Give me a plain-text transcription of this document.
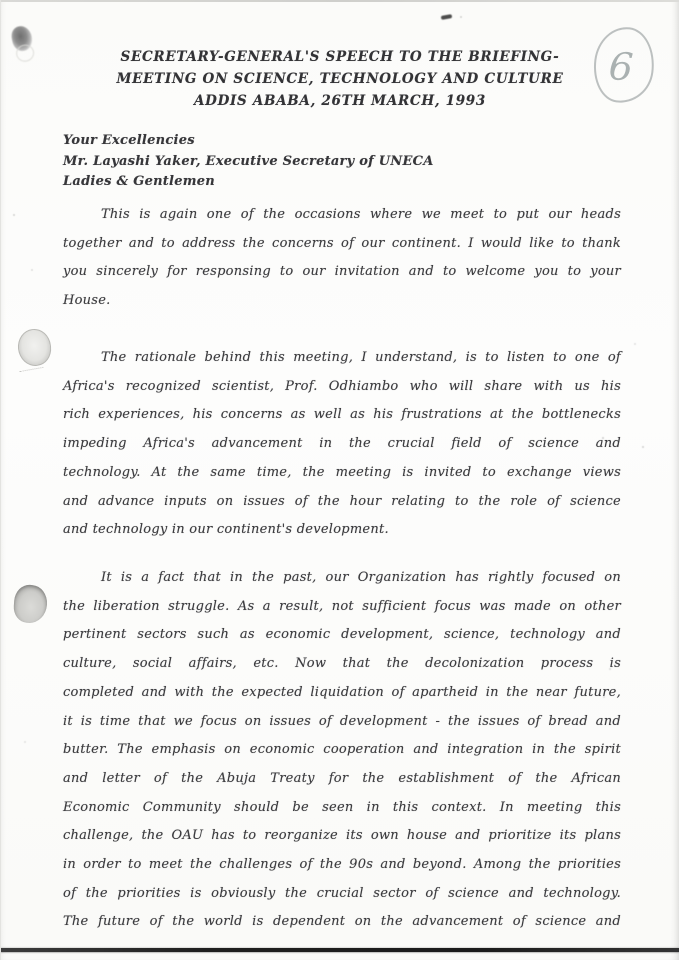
6
SECRETARY-GENERAL'S SPEECH TO THE BRIEFING-
MEETING ON SCIENCE, TECHNOLOGY AND CULTURE
ADDIS ABABA, 26TH MARCH, 1993
Your Excellencies
Mr. Layashi Yaker, Executive Secretary of UNECA
Ladies & Gentlemen
This is again one of the occasions where we meet to put our heads
together and to address the concerns of our continent. I would like to thank
you sincerely for responsing to our invitation and to welcome you to your
House.
The rationale behind this meeting, I understand, is to listen to one of
Africa's recognized scientist, Prof. Odhiambo who will share with us his
rich experiences, his concerns as well as his frustrations at the bottlenecks
impeding Africa's advancement in the crucial field of science and
technology. At the same time, the meeting is invited to exchange views
and advance inputs on issues of the hour relating to the role of science
and technology in our continent's development.
It is a fact that in the past, our Organization has rightly focused on
the liberation struggle. As a result, not sufficient focus was made on other
pertinent sectors such as economic development, science, technology and
culture, social affairs, etc. Now that the decolonization process is
completed and with the expected liquidation of apartheid in the near future,
it is time that we focus on issues of development - the issues of bread and
butter. The emphasis on economic cooperation and integration in the spirit
and letter of the Abuja Treaty for the establishment of the African
Economic Community should be seen in this context. In meeting this
challenge, the OAU has to reorganize its own house and prioritize its plans
in order to meet the challenges of the 90s and beyond. Among the priorities
of the priorities is obviously the crucial sector of science and technology.
The future of the world is dependent on the advancement of science and
